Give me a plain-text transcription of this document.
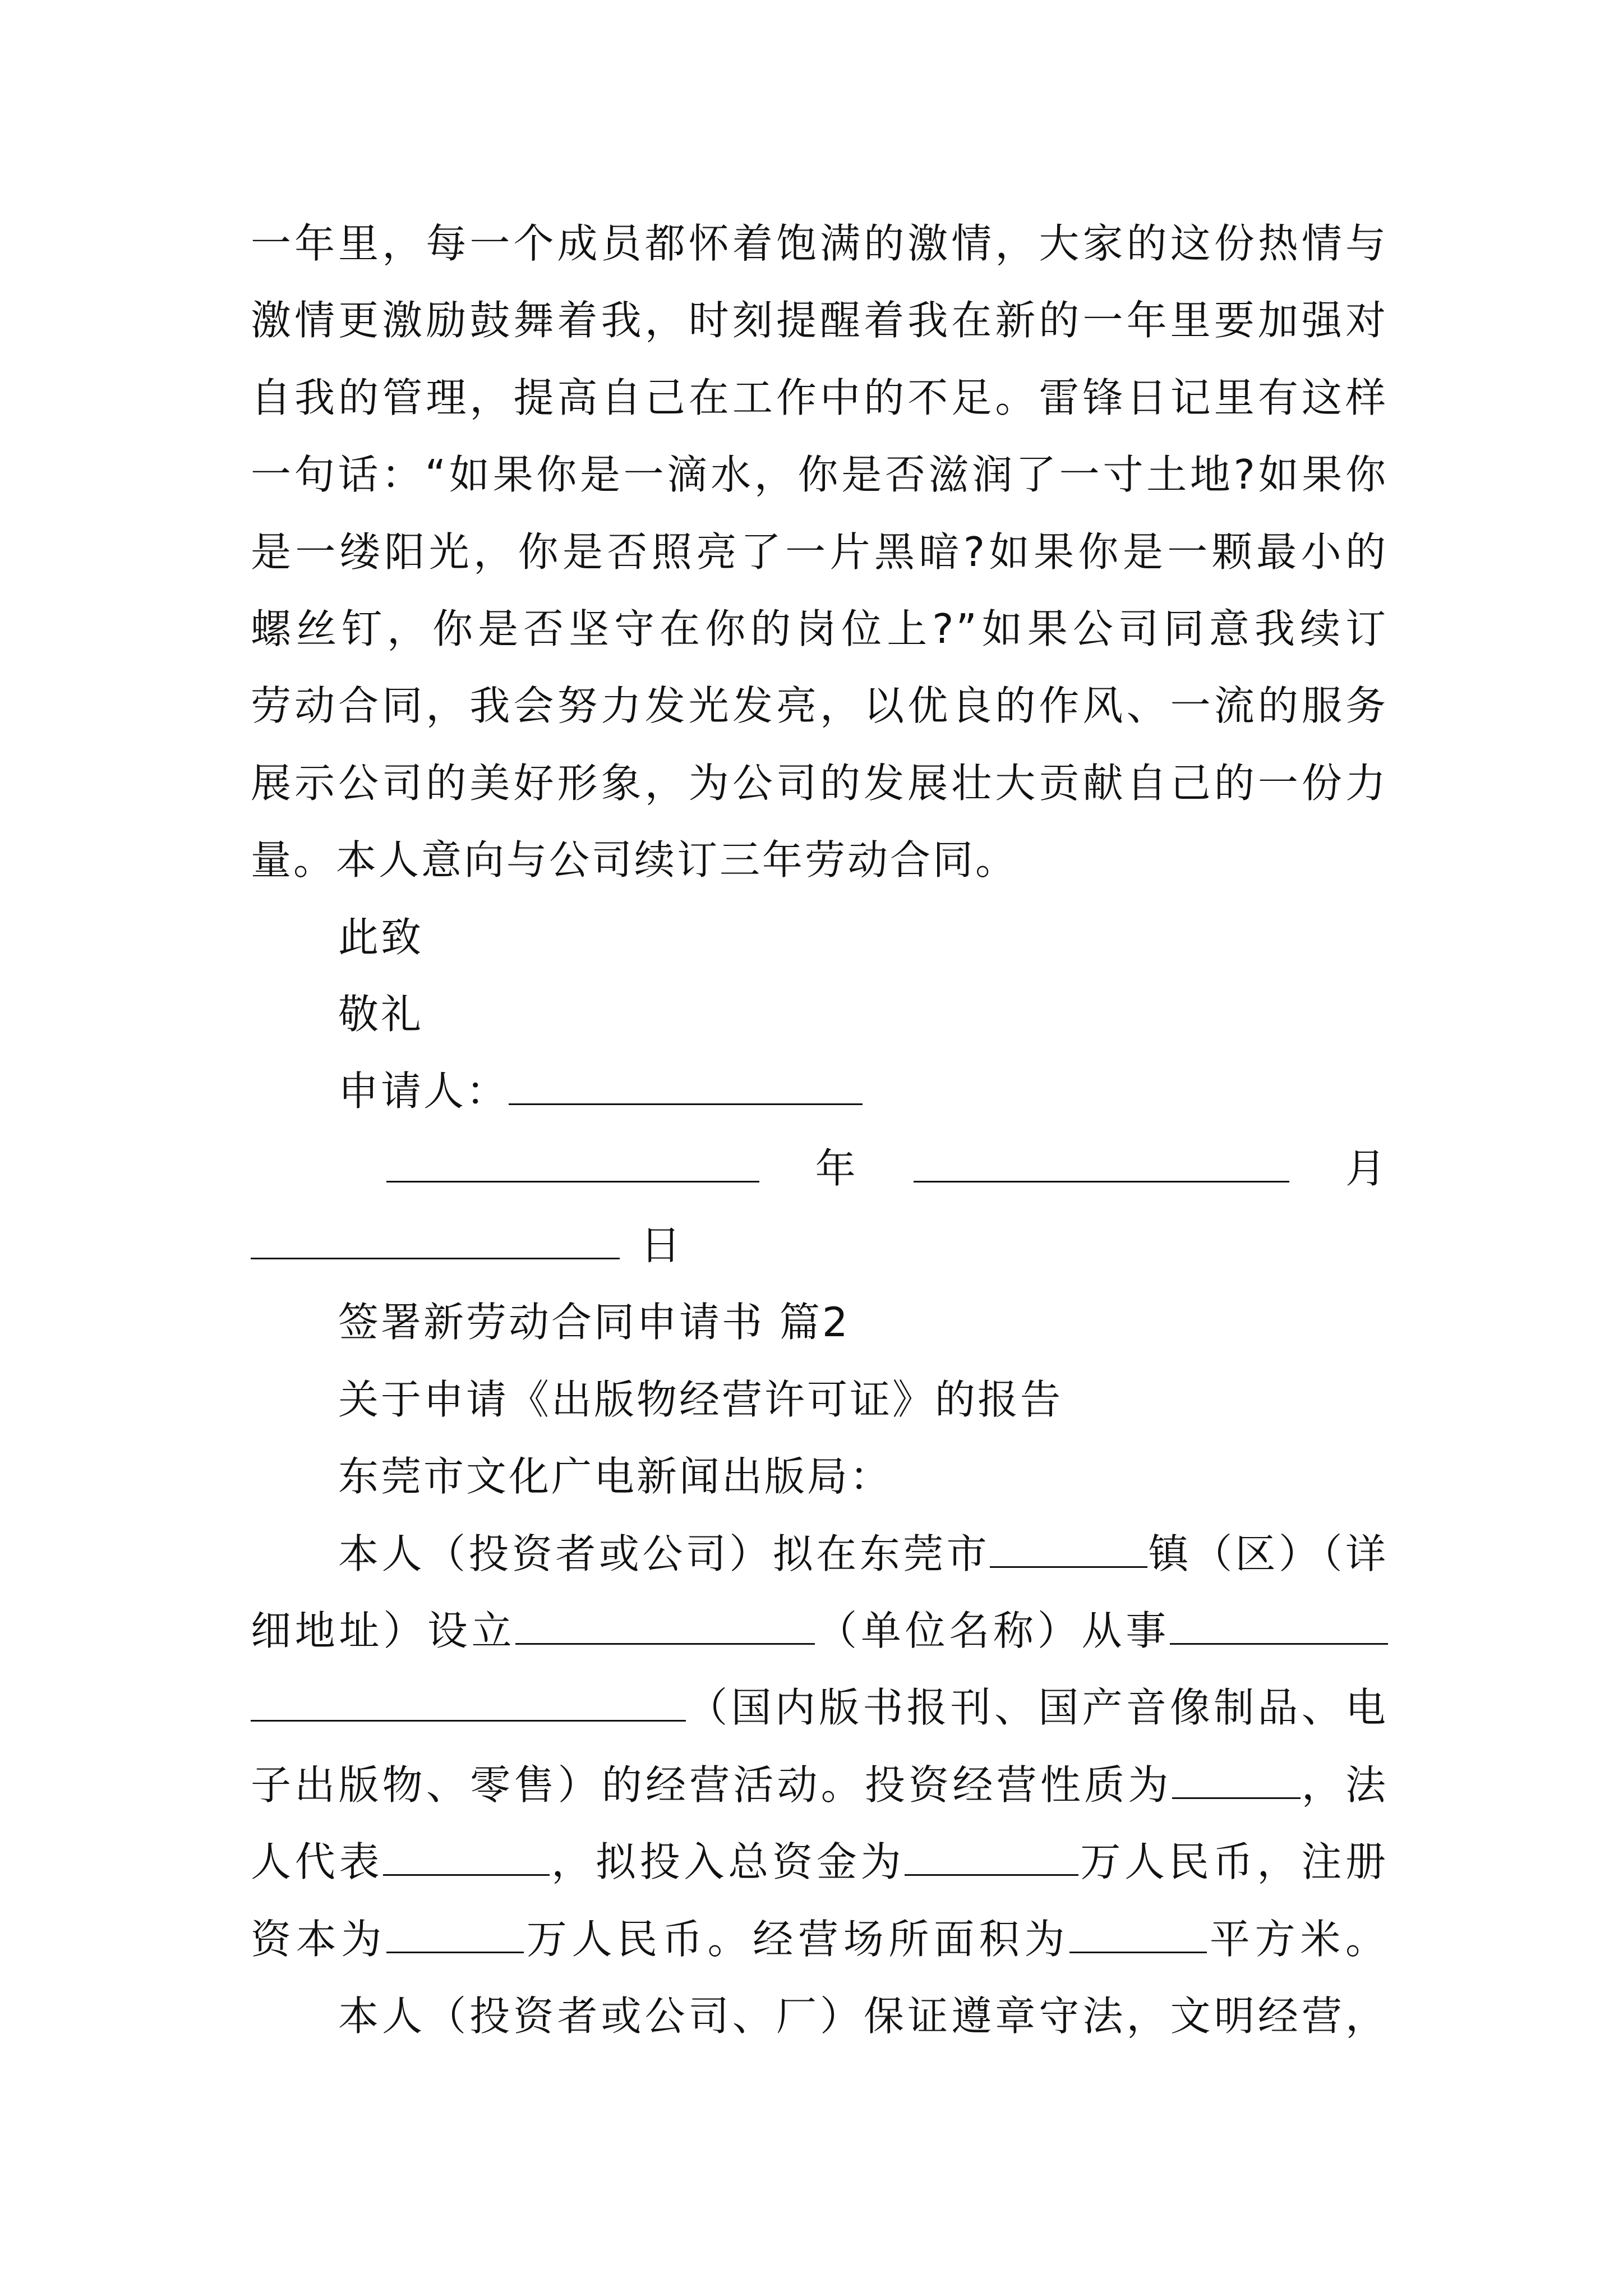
一年里，每一个成员都怀着饱满的激情，大家的这份热情与
激情更激励鼓舞着我，时刻提醒着我在新的一年里要加强对
自我的管理，提高自己在工作中的不足。雷锋日记里有这样
一句话：“如果你是一滴水，你是否滋润了一寸土地?如果你
是一缕阳光，你是否照亮了一片黑暗?如果你是一颗最小的
螺丝钉，你是否坚守在你的岗位上?”如果公司同意我续订
劳动合同，我会努力发光发亮，以优良的作风、一流的服务
展示公司的美好形象，为公司的发展壮大贡献自己的一份力
量。本人意向与公司续订三年劳动合同。
此致
敬礼
申请人：
年	月
日
签署新劳动合同申请书 篇2
关于申请《出版物经营许可证》的报告
东莞市文化广电新闻出版局：
本人（投资者或公司）拟在东莞市	镇（区）（详
细地址）设立	（单位名称）从事
（国内版书报刊、国产音像制品、电
子出版物、零售）的经营活动。投资经营性质为	，法
人代表	，拟投入总资金为	万人民币，注册
资本为	万人民币。经营场所面积为	平方米。
本人（投资者或公司、厂）保证遵章守法，文明经营，
